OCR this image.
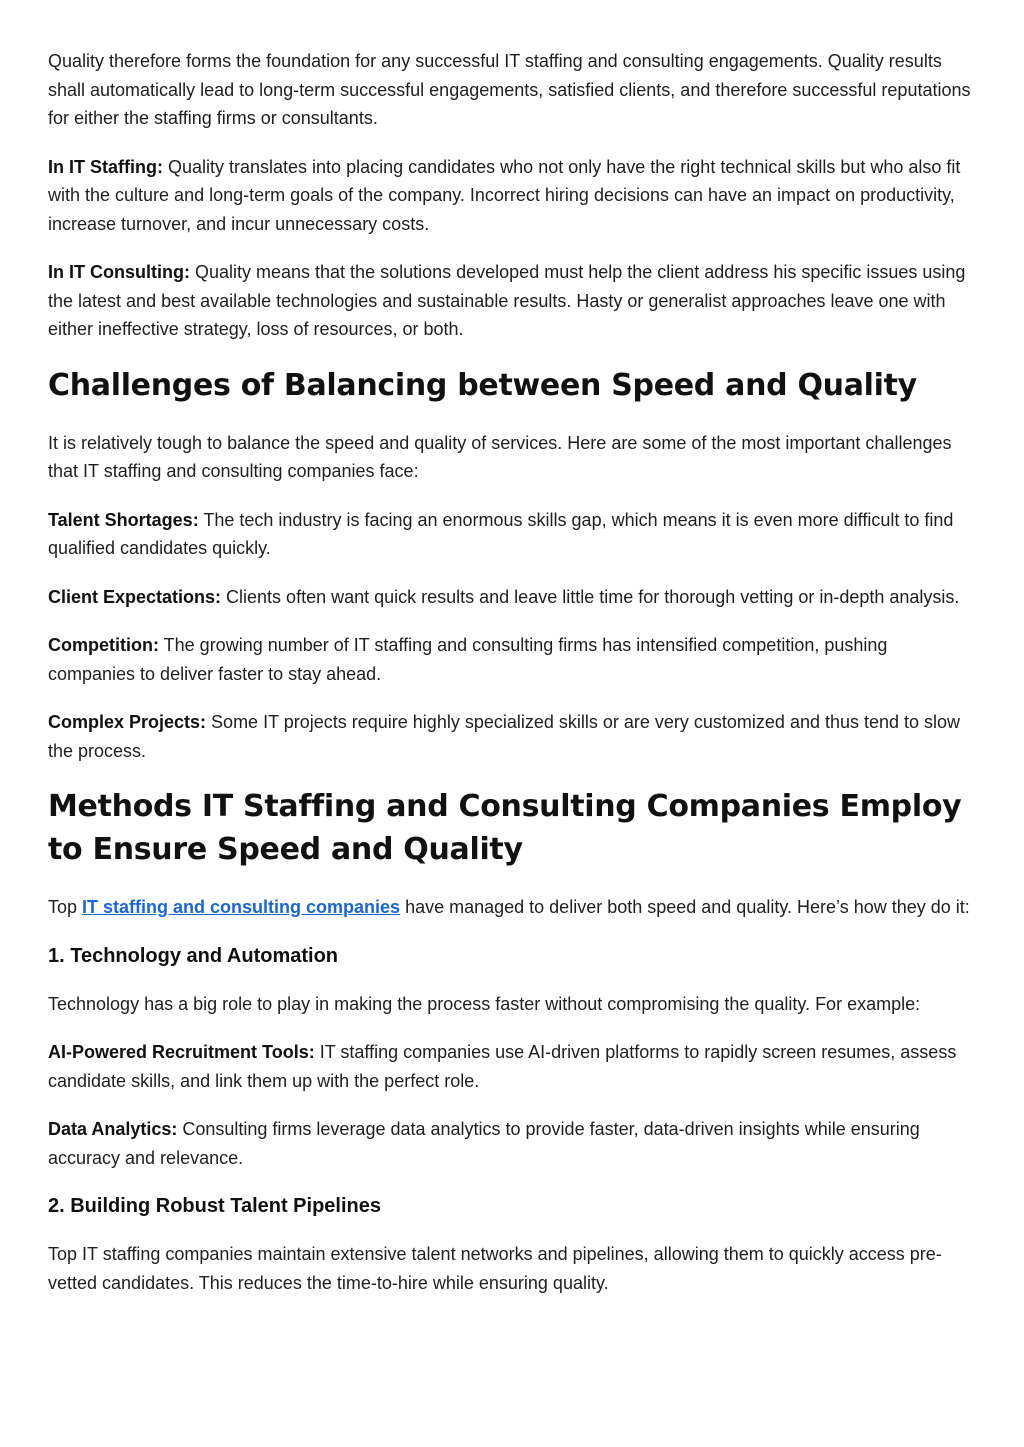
Quality therefore forms the foundation for any successful IT staffing and consulting engagements. Quality results shall automatically lead to long-term successful engagements, satisfied clients, and therefore successful reputations for either the staffing firms or consultants.

In IT Staffing: Quality translates into placing candidates who not only have the right technical skills but who also fit with the culture and long-term goals of the company. Incorrect hiring decisions can have an impact on productivity, increase turnover, and incur unnecessary costs.

In IT Consulting: Quality means that the solutions developed must help the client address his specific issues using the latest and best available technologies and sustainable results. Hasty or generalist approaches leave one with either ineffective strategy, loss of resources, or both.

Challenges of Balancing between Speed and Quality

It is relatively tough to balance the speed and quality of services. Here are some of the most important challenges that IT staffing and consulting companies face:

Talent Shortages: The tech industry is facing an enormous skills gap, which means it is even more difficult to find qualified candidates quickly.

Client Expectations: Clients often want quick results and leave little time for thorough vetting or in-depth analysis.

Competition: The growing number of IT staffing and consulting firms has intensified competition, pushing companies to deliver faster to stay ahead.

Complex Projects: Some IT projects require highly specialized skills or are very customized and thus tend to slow the process.

Methods IT Staffing and Consulting Companies Employ to Ensure Speed and Quality

Top IT staffing and consulting companies have managed to deliver both speed and quality. Here’s how they do it:

1. Technology and Automation

Technology has a big role to play in making the process faster without compromising the quality. For example:

AI-Powered Recruitment Tools: IT staffing companies use AI-driven platforms to rapidly screen resumes, assess candidate skills, and link them up with the perfect role.

Data Analytics: Consulting firms leverage data analytics to provide faster, data-driven insights while ensuring accuracy and relevance.

2. Building Robust Talent Pipelines

Top IT staffing companies maintain extensive talent networks and pipelines, allowing them to quickly access pre-vetted candidates. This reduces the time-to-hire while ensuring quality.
